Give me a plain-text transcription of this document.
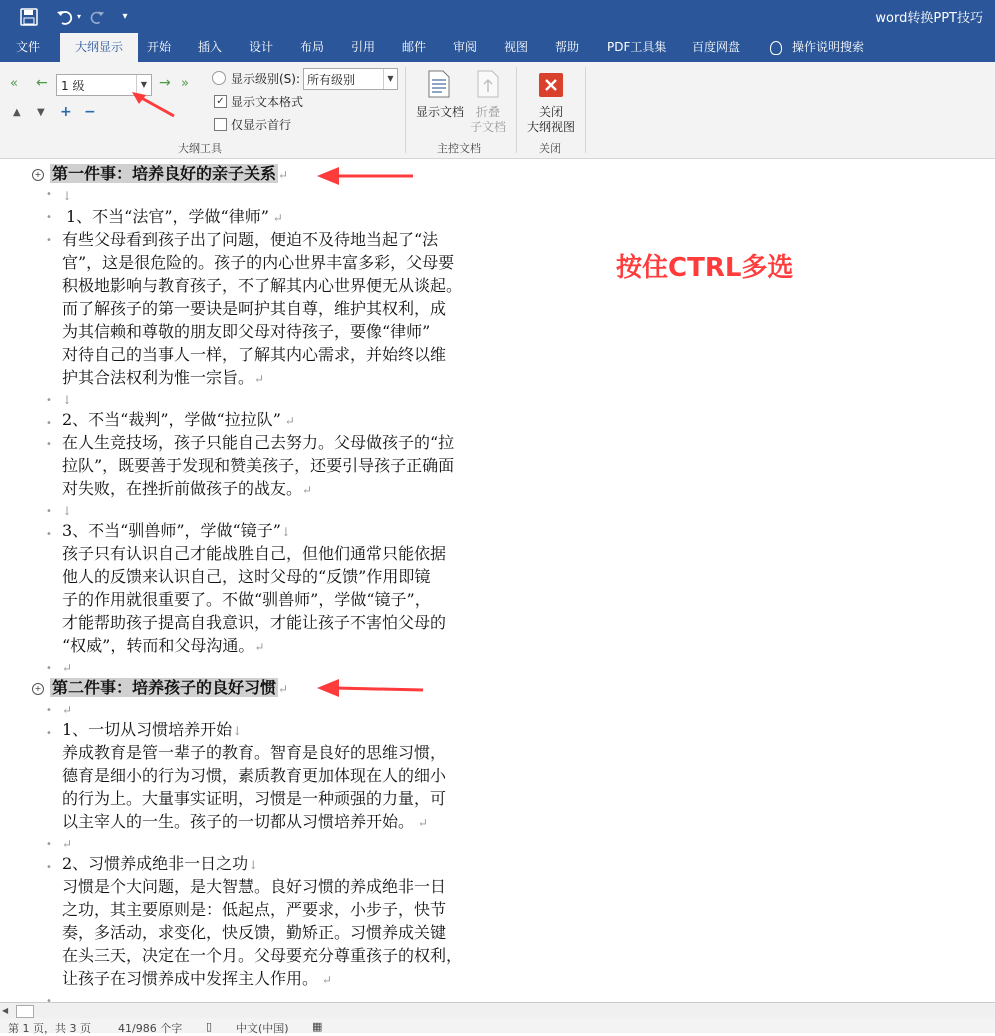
▾	▾	word转换PPT技巧
文件	大纲显示	开始	插入	设计	布局	引用	邮件	审阅	视图	帮助	PDF工具集	百度网盘	操作说明搜索
« ← 1 级	▼ → »
▲ ▼ + −
显示级别(S): 所有级别	▼
✓ 显示文本格式
仅显示首行
大纲工具
显示文档 折叠
子文档
主控文档
关闭
大纲视图
关闭
按住CTRL多选
+ 第一件事：培养良好的亲子关系 ↵
• ↓
• 1、不当“法官”，学做“律师” ↵
• 有些父母看到孩子出了问题，便迫不及待地当起了“法
官”，这是很危险的。孩子的内心世界丰富多彩，父母要
积极地影响与教育孩子，不了解其内心世界便无从谈起。
而了解孩子的第一要诀是呵护其自尊，维护其权利，成
为其信赖和尊敬的朋友即父母对待孩子，要像“律师”
对待自己的当事人一样，了解其内心需求，并始终以维
护其合法权利为惟一宗旨。↵
• ↓
• 2、不当“裁判”，学做“拉拉队” ↵
• 在人生竞技场，孩子只能自己去努力。父母做孩子的“拉
拉队”，既要善于发现和赞美孩子，还要引导孩子正确面
对失败，在挫折前做孩子的战友。↵
• ↓
• 3、不当“驯兽师”，学做“镜子”↓
孩子只有认识自己才能战胜自己，但他们通常只能依据
他人的反馈来认识自己，这时父母的“反馈”作用即镜
子的作用就很重要了。不做“驯兽师”，学做“镜子”，
才能帮助孩子提高自我意识，才能让孩子不害怕父母的
“权威”，转而和父母沟通。↵
• ↵
+ 第二件事：培养孩子的良好习惯 ↵
• ↵
• 1、一切从习惯培养开始↓
养成教育是管一辈子的教育。智育是良好的思维习惯，
德育是细小的行为习惯，素质教育更加体现在人的细小
的行为上。大量事实证明，习惯是一种顽强的力量，可
以主宰人的一生。孩子的一切都从习惯培养开始。 ↵
• ↵
• 2、习惯养成绝非一日之功↓
习惯是个大问题，是大智慧。良好习惯的养成绝非一日
之功，其主要原则是：低起点，严要求，小步子，快节
奏，多活动，求变化，快反馈，勤矫正。习惯养成关键
在头三天，决定在一个月。父母要充分尊重孩子的权利，
让孩子在习惯养成中发挥主人作用。 ↵
•
◀
第 1 页，共 3 页 41/986 个字 ▯ 中文(中国) ▦
